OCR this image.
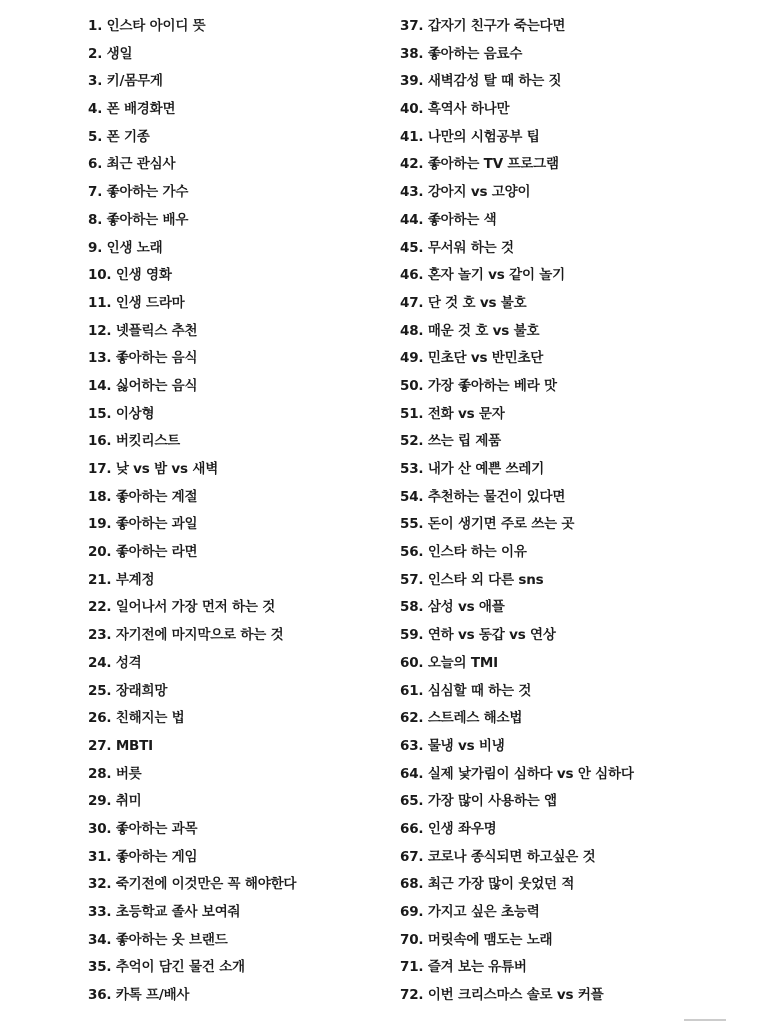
1. 인스타 아이디 뜻
2. 생일
3. 키/몸무게
4. 폰 배경화면
5. 폰 기종
6. 최근 관심사
7. 좋아하는 가수
8. 좋아하는 배우
9. 인생 노래
10. 인생 영화
11. 인생 드라마
12. 넷플릭스 추천
13. 좋아하는 음식
14. 싫어하는 음식
15. 이상형
16. 버킷리스트
17. 낮 vs 밤 vs 새벽
18. 좋아하는 계절
19. 좋아하는 과일
20. 좋아하는 라면
21. 부계정
22. 일어나서 가장 먼저 하는 것
23. 자기전에 마지막으로 하는 것
24. 성격
25. 장래희망
26. 친해지는 법
27. MBTI
28. 버릇
29. 취미
30. 좋아하는 과목
31. 좋아하는 게임
32. 죽기전에 이것만은 꼭 해야한다
33. 초등학교 졸사 보여줘
34. 좋아하는 옷 브랜드
35. 추억이 담긴 물건 소개
36. 카톡 프/배사
37. 갑자기 친구가 죽는다면
38. 좋아하는 음료수
39. 새벽감성 탈 때 하는 짓
40. 흑역사 하나만
41. 나만의 시험공부 팁
42. 좋아하는 TV 프로그램
43. 강아지 vs 고양이
44. 좋아하는 색
45. 무서워 하는 것
46. 혼자 놀기 vs 같이 놀기
47. 단 것 호 vs 불호
48. 매운 것 호 vs 불호
49. 민초단 vs 반민초단
50. 가장 좋아하는 베라 맛
51. 전화 vs 문자
52. 쓰는 립 제품
53. 내가 산 예쁜 쓰레기
54. 추천하는 물건이 있다면
55. 돈이 생기면 주로 쓰는 곳
56. 인스타 하는 이유
57. 인스타 외 다른 sns
58. 삼성 vs 애플
59. 연하 vs 동갑 vs 연상
60. 오늘의 TMI
61. 심심할 때 하는 것
62. 스트레스 해소법
63. 물냉 vs 비냉
64. 실제 낯가림이 심하다 vs 안 심하다
65. 가장 많이 사용하는 앱
66. 인생 좌우명
67. 코로나 종식되면 하고싶은 것
68. 최근 가장 많이 웃었던 적
69. 가지고 싶은 초능력
70. 머릿속에 맴도는 노래
71. 즐겨 보는 유튜버
72. 이번 크리스마스 솔로 vs 커플
